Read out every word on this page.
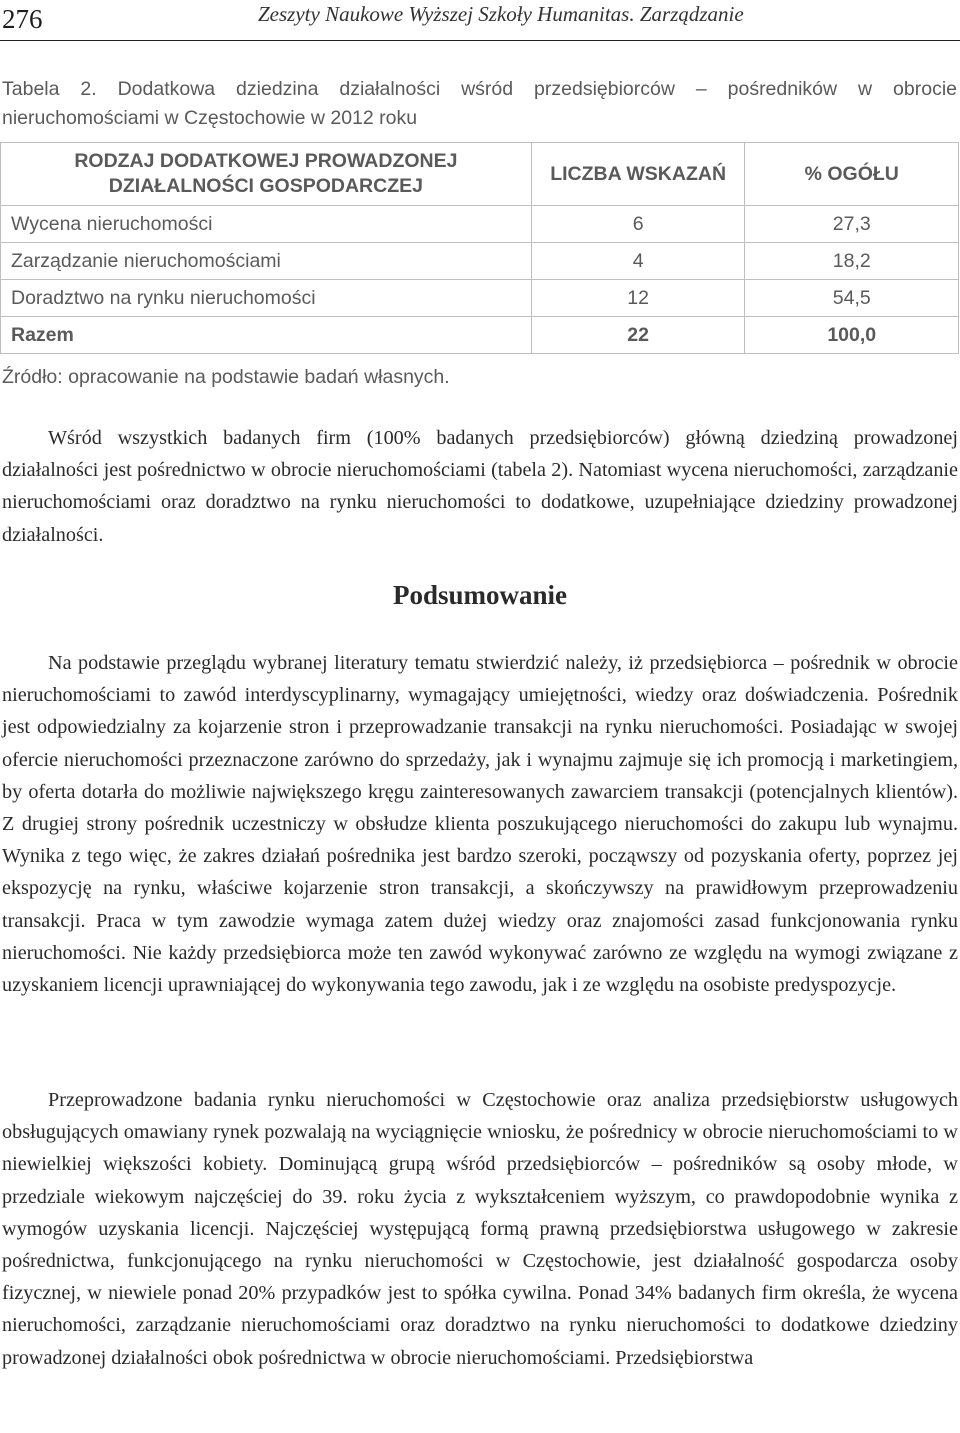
276	Zeszyty Naukowe Wyższej Szkoły Humanitas. Zarządzanie
Tabela 2. Dodatkowa dziedzina działalności wśród przedsiębiorców – pośredników w obrocie nieruchomościami w Częstochowie w 2012 roku
RODZAJ DODATKOWEJ PROWADZONEJ DZIAŁALNOŚCI GOSPODARCZEJ	LICZBA WSKAZAŃ	% OGÓŁU
Wycena nieruchomości	6	27,3
Zarządzanie nieruchomościami	4	18,2
Doradztwo na rynku nieruchomości	12	54,5
Razem	22	100,0
Źródło: opracowanie na podstawie badań własnych.

Wśród wszystkich badanych firm (100% badanych przedsiębiorców) główną dziedziną prowadzonej działalności jest pośrednictwo w obrocie nieruchomościami (tabela 2). Natomiast wycena nieruchomości, zarządzanie nieruchomościami oraz doradztwo na rynku nieruchomości to dodatkowe, uzupełniające dziedziny prowadzonej działalności.

Podsumowanie

Na podstawie przeglądu wybranej literatury tematu stwierdzić należy, iż przedsiębiorca – pośrednik w obrocie nieruchomościami to zawód interdyscyplinarny, wymagający umiejętności, wiedzy oraz doświadczenia. Pośrednik jest odpowiedzialny za kojarzenie stron i przeprowadzanie transakcji na rynku nieruchomości. Posiadając w swojej ofercie nieruchomości przeznaczone zarówno do sprzedaży, jak i wynajmu zajmuje się ich promocją i marketingiem, by oferta dotarła do możliwie największego kręgu zainteresowanych zawarciem transakcji (potencjalnych klientów). Z drugiej strony pośrednik uczestniczy w obsłudze klienta poszukującego nieruchomości do zakupu lub wynajmu. Wynika z tego więc, że zakres działań pośrednika jest bardzo szeroki, począwszy od pozyskania oferty, poprzez jej ekspozycję na rynku, właściwe kojarzenie stron transakcji, a skończywszy na prawidłowym przeprowadzeniu transakcji. Praca w tym zawodzie wymaga zatem dużej wiedzy oraz znajomości zasad funkcjonowania rynku nieruchomości. Nie każdy przedsiębiorca może ten zawód wykonywać zarówno ze względu na wymogi związane z uzyskaniem licencji uprawniającej do wykonywania tego zawodu, jak i ze względu na osobiste predyspozycje.

Przeprowadzone badania rynku nieruchomości w Częstochowie oraz analiza przedsiębiorstw usługowych obsługujących omawiany rynek pozwalają na wyciągnięcie wniosku, że pośrednicy w obrocie nieruchomościami to w niewielkiej większości kobiety. Dominującą grupą wśród przedsiębiorców – pośredników są osoby młode, w przedziale wiekowym najczęściej do 39. roku życia z wykształceniem wyższym, co prawdopodobnie wynika z wymogów uzyskania licencji. Najczęściej występującą formą prawną przedsiębiorstwa usługowego w zakresie pośrednictwa, funkcjonującego na rynku nieruchomości w Częstochowie, jest działalność gospodarcza osoby fizycznej, w niewiele ponad 20% przypadków jest to spółka cywilna. Ponad 34% badanych firm określa, że wycena nieruchomości, zarządzanie nieruchomościami oraz doradztwo na rynku nieruchomości to dodatkowe dziedziny prowadzonej działalności obok pośrednictwa w obrocie nieruchomościami. Przedsiębiorstwa
